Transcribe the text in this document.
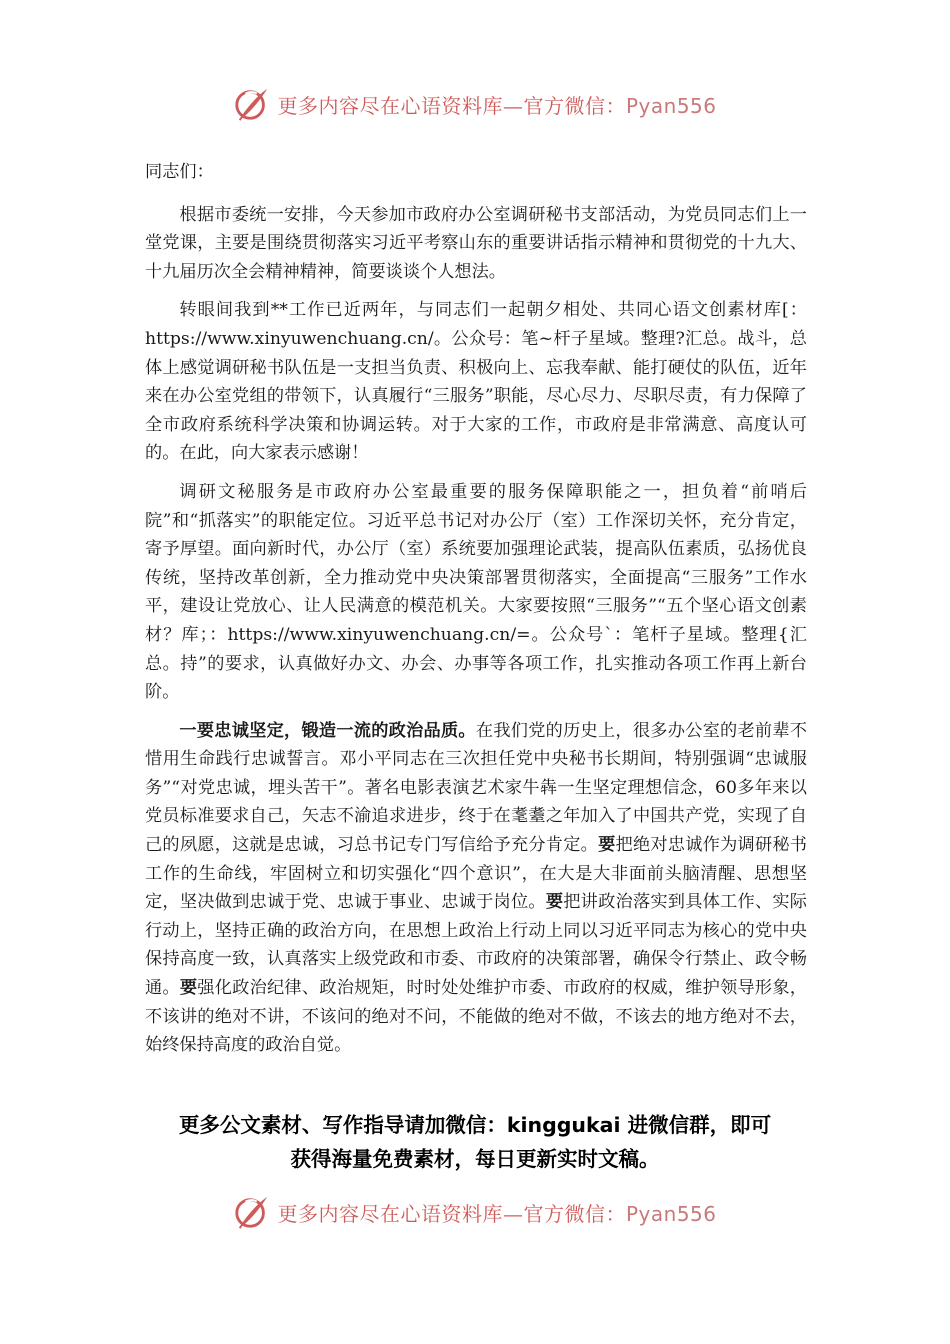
更多内容尽在心语资料库—官方微信：Pyan556

同志们：

根据市委统一安排，今天参加市政府办公室调研秘书支部活动，为党员同志们上一堂党课，主要是围绕贯彻落实习近平考察山东的重要讲话指示精神和贯彻党的十九大、十九届历次全会精神精神，简要谈谈个人想法。

转眼间我到**工作已近两年，与同志们一起朝夕相处、共同心语文创素材库[：https://www.xinyuwenchuang.cn/。公众号：笔~杆子星域。整理?汇总。战斗，总体上感觉调研秘书队伍是一支担当负责、积极向上、忘我奉献、能打硬仗的队伍，近年来在办公室党组的带领下，认真履行“三服务”职能，尽心尽力、尽职尽责，有力保障了全市政府系统科学决策和协调运转。对于大家的工作，市政府是非常满意、高度认可的。在此，向大家表示感谢！

调研文秘服务是市政府办公室最重要的服务保障职能之一，担负着“前哨后院”和“抓落实”的职能定位。习近平总书记对办公厅（室）工作深切关怀，充分肯定，寄予厚望。面向新时代，办公厅（室）系统要加强理论武装，提高队伍素质，弘扬优良传统，坚持改革创新，全力推动党中央决策部署贯彻落实，全面提高“三服务”工作水平，建设让党放心、让人民满意的模范机关。大家要按照“三服务”“五个坚心语文创素材？库；：https://www.xinyuwenchuang.cn/=。公众号`：笔杆子星域。整理{汇总。持”的要求，认真做好办文、办会、办事等各项工作，扎实推动各项工作再上新台阶。

一要忠诚坚定，锻造一流的政治品质。在我们党的历史上，很多办公室的老前辈不惜用生命践行忠诚誓言。邓小平同志在三次担任党中央秘书长期间，特别强调“忠诚服务”“对党忠诚，埋头苦干”。著名电影表演艺术家牛犇一生坚定理想信念，60多年来以党员标准要求自己，矢志不渝追求进步，终于在耄耋之年加入了中国共产党，实现了自己的夙愿，这就是忠诚，习总书记专门写信给予充分肯定。要把绝对忠诚作为调研秘书工作的生命线，牢固树立和切实强化“四个意识”，在大是大非面前头脑清醒、思想坚定，坚决做到忠诚于党、忠诚于事业、忠诚于岗位。要把讲政治落实到具体工作、实际行动上，坚持正确的政治方向，在思想上政治上行动上同以习近平同志为核心的党中央保持高度一致，认真落实上级党政和市委、市政府的决策部署，确保令行禁止、政令畅通。要强化政治纪律、政治规矩，时时处处维护市委、市政府的权威，维护领导形象，不该讲的绝对不讲，不该问的绝对不问，不能做的绝对不做，不该去的地方绝对不去，始终保持高度的政治自觉。

更多公文素材、写作指导请加微信：kinggukai 进微信群，即可
获得海量免费素材，每日更新实时文稿。
更多内容尽在心语资料库—官方微信：Pyan556
